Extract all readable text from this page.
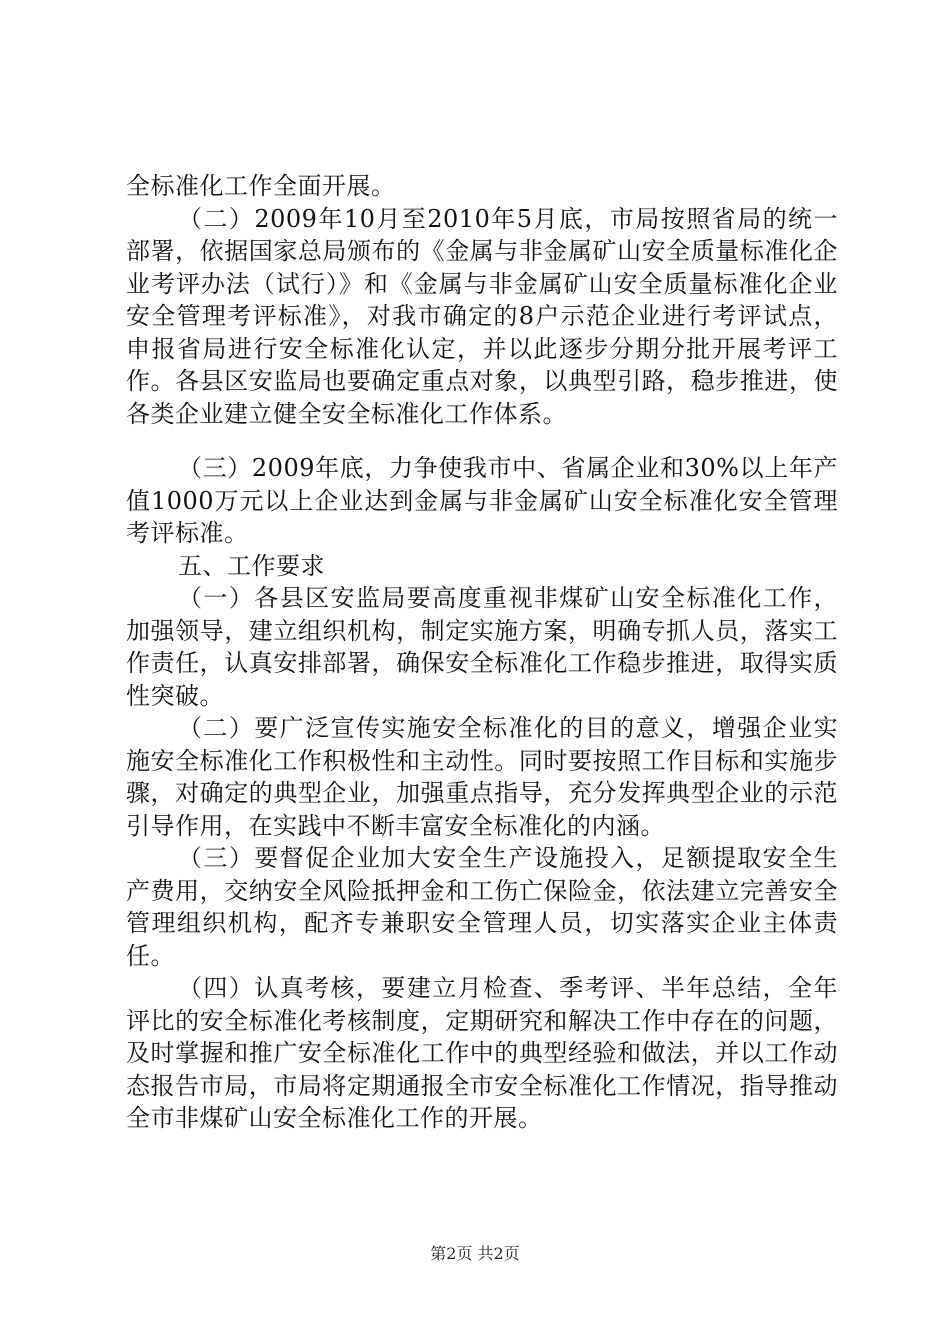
全标准化工作全面开展。

（二）2009年10月至2010年5月底，市局按照省局的统一部署，依据国家总局颁布的《金属与非金属矿山安全质量标准化企业考评办法（试行）》和《金属与非金属矿山安全质量标准化企业安全管理考评标准》，对我市确定的8户示范企业进行考评试点，申报省局进行安全标准化认定，并以此逐步分期分批开展考评工作。各县区安监局也要确定重点对象，以典型引路，稳步推进，使各类企业建立健全安全标准化工作体系。

（三）2009年底，力争使我市中、省属企业和30%以上年产值1000万元以上企业达到金属与非金属矿山安全标准化安全管理考评标准。

五、工作要求

（一）各县区安监局要高度重视非煤矿山安全标准化工作，加强领导，建立组织机构，制定实施方案，明确专抓人员，落实工作责任，认真安排部署，确保安全标准化工作稳步推进，取得实质性突破。

（二）要广泛宣传实施安全标准化的目的意义，增强企业实施安全标准化工作积极性和主动性。同时要按照工作目标和实施步骤，对确定的典型企业，加强重点指导，充分发挥典型企业的示范引导作用，在实践中不断丰富安全标准化的内涵。

（三）要督促企业加大安全生产设施投入，足额提取安全生产费用，交纳安全风险抵押金和工伤亡保险金，依法建立完善安全管理组织机构，配齐专兼职安全管理人员，切实落实企业主体责任。

（四）认真考核，要建立月检查、季考评、半年总结，全年评比的安全标准化考核制度，定期研究和解决工作中存在的问题，及时掌握和推广安全标准化工作中的典型经验和做法，并以工作动态报告市局，市局将定期通报全市安全标准化工作情况，指导推动全市非煤矿山安全标准化工作的开展。

第2页 共2页
